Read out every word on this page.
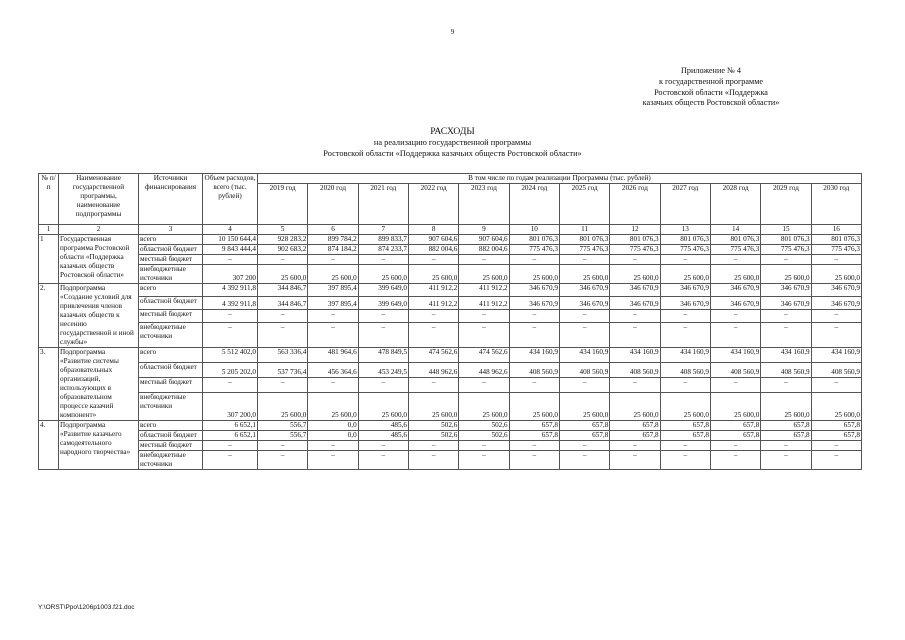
9
Приложение № 4
к государственной программе
Ростовской области «Поддержка
казачьих обществ Ростовской области»
РАСХОДЫ
на реализацию государственной программы
Ростовской области «Поддержка казачьих обществ Ростовской области»
№ п/п	Наименование государственной программы, наименование подпрограммы	Источники финансирования	Объем расходов, всего (тыс. рублей)	В том числе по годам реализации Программы (тыс. рублей)											
				2019 год	2020 год	2021 год	2022 год	2023 год	2024 год	2025 год	2026 год	2027 год	2028 год	2029 год	2030 год
1	2	3	4	5	6	7	8	9	10	11	12	13	14	15	16
1	Государственная программа Ростовской области «Поддержка казачьих обществ Ростовской области»	всего	10 150 644,4	928 283,2	899 784,2	899 833,7	907 604,6	907 604,6	801 076,3	801 076,3	801 076,3	801 076,3	801 076,3	801 076,3	801 076,3
		областной бюджет	9 843 444,4	902 683,2	874 184,2	874 233,7	882 004,6	882 004,6	775 476,3	775 476,3	775 476,3	775 476,3	775 476,3	775 476,3	775 476,3
		местный бюджет	–	–	–	–	–	–	–	–	–	–	–	–	–
		внебюджетные источники	307 200	25 600,0	25 600,0	25 600,0	25 600,0	25 600,0	25 600,0	25 600,0	25 600,0	25 600,0	25 600,0	25 600,0	25 600,0
2.	Подпрограмма «Создание условий для привлечения членов казачьих обществ к несению государственной и иной службы»	всего	4 392 911,8	344 846,7	397 895,4	399 649,0	411 912,2	411 912,2	346 670,9	346 670,9	346 670,9	346 670,9	346 670,9	346 670,9	346 670,9
		областной бюджет	4 392 911,8	344 846,7	397 895,4	399 649,0	411 912,2	411 912,2	346 670,9	346 670,9	346 670,9	346 670,9	346 670,9	346 670,9	346 670,9
		местный бюджет	–	–	–	–	–	–	–	–	–	–	–	–	–
		внебюджетные источники	–	–	–	–	–	–	–	–	–	–	–	–	–
3.	Подпрограмма «Развитие системы образовательных организаций, использующих в образовательном процессе казачий компонент»	всего	5 512 402,0	563 336,4	481 964,6	478 849,5	474 562,6	474 562,6	434 160,9	434 160,9	434 160,9	434 160,9	434 160,9	434 160,9	434 160,9
		областной бюджет	5 205 202,0	537 736,4	456 364,6	453 249,5	448 962,6	448 962,6	408 560,9	408 560,9	408 560,9	408 560,9	408 560,9	408 560,9	408 560,9
		местный бюджет	–	–	–	–	–	–	–	–	–	–	–	–	–
		внебюджетные источники	307 200,0	25 600,0	25 600,0	25 600,0	25 600,0	25 600,0	25 600,0	25 600,0	25 600,0	25 600,0	25 600,0	25 600,0	25 600,0
4.	Подпрограмма «Развитие казачьего самодеятельного народного творчества»	всего	6 652,1	556,7	0,0	485,6	502,6	502,6	657,8	657,8	657,8	657,8	657,8	657,8	657,8
		областной бюджет	6 652,1	556,7	0,0	485,6	502,6	502,6	657,8	657,8	657,8	657,8	657,8	657,8	657,8
		местный бюджет	–	–	–	–	–	–	–	–	–	–	–	–	–
		внебюджетные источники	–	–	–	–	–	–	–	–	–	–	–	–	–
Y:\ORST\Ppo\1206p1003.f21.doc
